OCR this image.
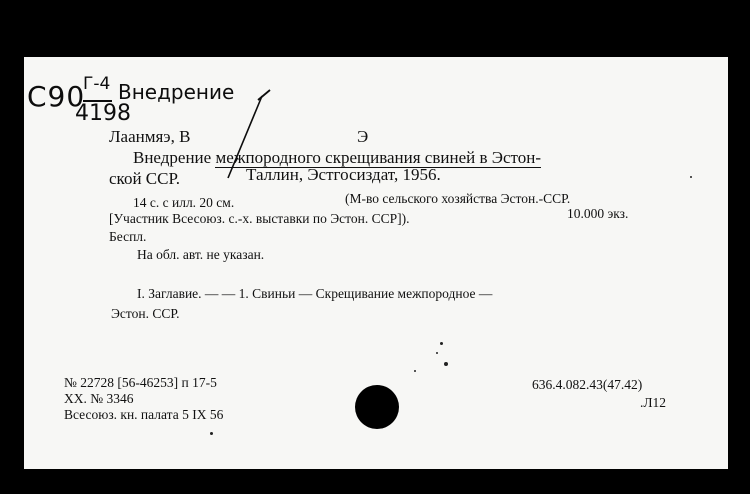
С90
Г-4
4198
Внедрение
Лаанмяэ, В	Э
Внедрение межпородного скрещивания свиней в Эстон-
ской ССР.	Таллин, Эстгосиздат, 1956.
14 с. с илл. 20 см.	(М-во сельского хозяйства Эстон.-ССР.
[Участник Всесоюз. с.-х. выставки по Эстон. ССР]).	10.000 экз.
Беспл.
На обл. авт. не указан.
I. Заглавие. — — 1. Свиньи — Скрещивание межпородное —
Эстон. ССР.
№ 22728 [56-46253] п 17-5
XX. № 3346
Всесоюз. кн. палата 5 IX 56
636.4.082.43(47.42)
.Л12
